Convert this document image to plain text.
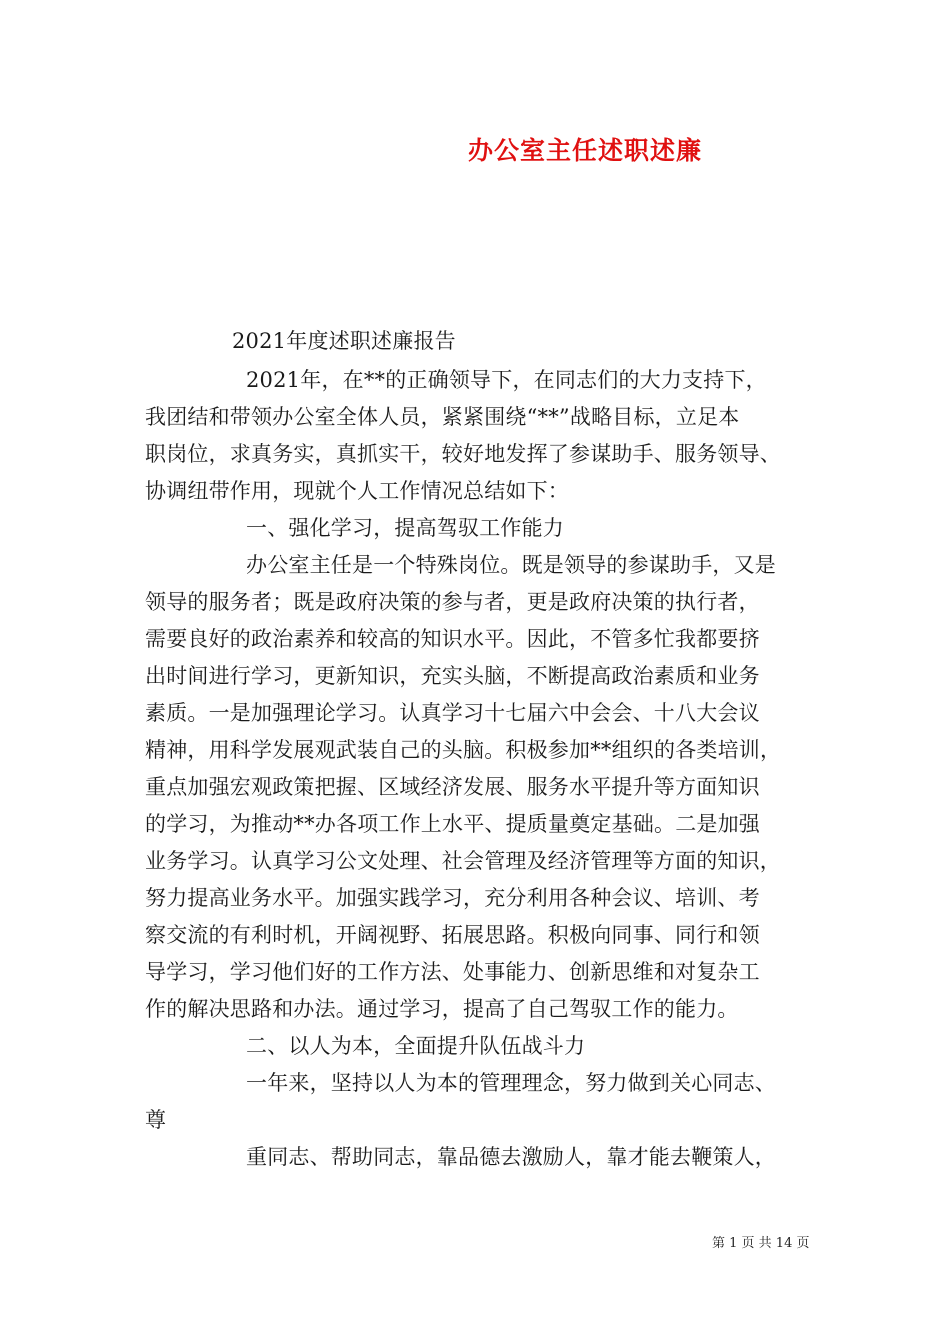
办公室主任述职述廉
2021年度述职述廉报告
2021年，在**的正确领导下，在同志们的大力支持下，
我团结和带领办公室全体人员，紧紧围绕“**”战略目标，立足本
职岗位，求真务实，真抓实干，较好地发挥了参谋助手、服务领导、
协调纽带作用，现就个人工作情况总结如下：
一、强化学习，提高驾驭工作能力
办公室主任是一个特殊岗位。既是领导的参谋助手，又是
领导的服务者；既是政府决策的参与者，更是政府决策的执行者，
需要良好的政治素养和较高的知识水平。因此，不管多忙我都要挤
出时间进行学习，更新知识，充实头脑，不断提高政治素质和业务
素质。一是加强理论学习。认真学习十七届六中会会、十八大会议
精神，用科学发展观武装自己的头脑。积极参加**组织的各类培训，
重点加强宏观政策把握、区域经济发展、服务水平提升等方面知识
的学习，为推动**办各项工作上水平、提质量奠定基础。二是加强
业务学习。认真学习公文处理、社会管理及经济管理等方面的知识，
努力提高业务水平。加强实践学习，充分利用各种会议、培训、考
察交流的有利时机，开阔视野、拓展思路。积极向同事、同行和领
导学习，学习他们好的工作方法、处事能力、创新思维和对复杂工
作的解决思路和办法。通过学习，提高了自己驾驭工作的能力。
二、以人为本，全面提升队伍战斗力
一年来，坚持以人为本的管理理念，努力做到关心同志、
尊
重同志、帮助同志，靠品德去激励人，靠才能去鞭策人，
第 1 页 共 14 页
